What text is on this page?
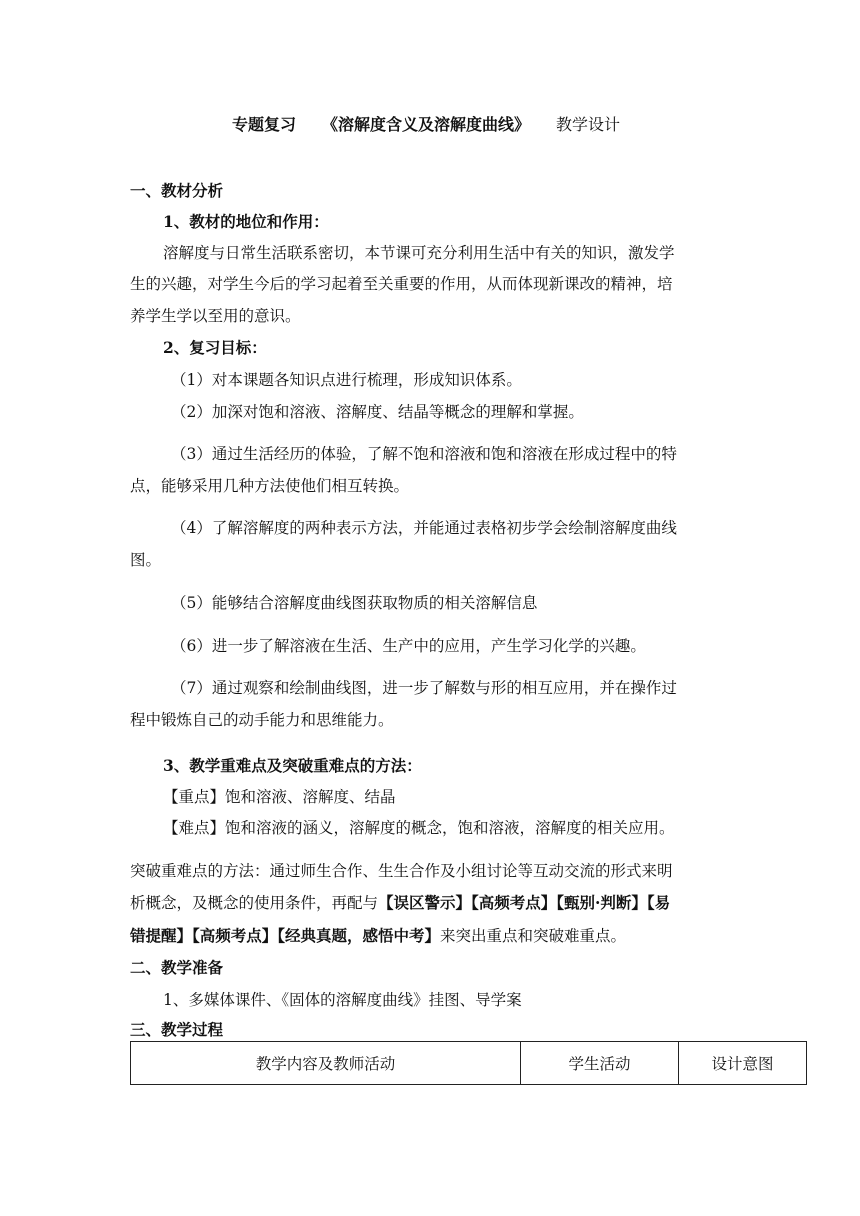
专题复习 《溶解度含义及溶解度曲线》 教学设计
一、教材分析
1、教材的地位和作用：
溶解度与日常生活联系密切，本节课可充分利用生活中有关的知识，激发学
生的兴趣，对学生今后的学习起着至关重要的作用，从而体现新课改的精神，培
养学生学以至用的意识。
2、复习目标：
（1）对本课题各知识点进行梳理，形成知识体系。
（2）加深对饱和溶液、溶解度、结晶等概念的理解和掌握。
（3）通过生活经历的体验，了解不饱和溶液和饱和溶液在形成过程中的特
点，能够采用几种方法使他们相互转换。
（4）了解溶解度的两种表示方法，并能通过表格初步学会绘制溶解度曲线
图。
（5）能够结合溶解度曲线图获取物质的相关溶解信息
（6）进一步了解溶液在生活、生产中的应用，产生学习化学的兴趣。
（7）通过观察和绘制曲线图，进一步了解数与形的相互应用，并在操作过
程中锻炼自己的动手能力和思维能力。
3、教学重难点及突破重难点的方法：
【重点】饱和溶液、溶解度、结晶
【难点】饱和溶液的涵义，溶解度的概念，饱和溶液，溶解度的相关应用。
突破重难点的方法：通过师生合作、生生合作及小组讨论等互动交流的形式来明
析概念，及概念的使用条件，再配与【误区警示】【高频考点】【甄别·判断】【易
错提醒】【高频考点】【经典真题，感悟中考】来突出重点和突破难重点。
二、教学准备
1、多媒体课件、《固体的溶解度曲线》挂图、导学案
三、教学过程
教学内容及教师活动	学生活动	设计意图
